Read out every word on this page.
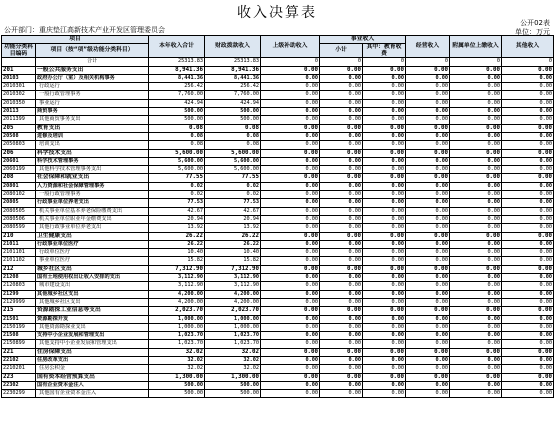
收入决算表
公开02表
单位：万元
公开部门：重庆垫江高新技术产业开发区管理委员会
项目		本年收入合计	财政拨款收入	上级补助收入	事业收入		经营收入	附属单位上缴收入	其他收入
功能分类科目编码	项目（按“项”级功能分类科目）				小计	其中：教育收费			

	合计	25313.83	25313.83	0	0	0	0	0	0
201	一般公共服务支出	8,941.36	8,941.36	0.00	0.00	0.00	0.00	0.00	0.00
20103	政府办公厅（室）及相关机构事务	8,441.36	8,441.36	0.00	0.00	0.00	0.00	0.00	0.00
2010301	行政运行	256.42	256.42	0.00	0.00	0.00	0.00	0.00	0.00
2010302	一般行政管理事务	7,760.00	7,760.00	0.00	0.00	0.00	0.00	0.00	0.00
2010350	事业运行	424.94	424.94	0.00	0.00	0.00	0.00	0.00	0.00
20113	商贸事务	500.00	500.00	0.00	0.00	0.00	0.00	0.00	0.00
2011399	其他商贸事务支出	500.00	500.00	0.00	0.00	0.00	0.00	0.00	0.00
205	教育支出	0.08	0.08	0.00	0.00	0.00	0.00	0.00	0.00
20508	进修及培训	0.08	0.08	0.00	0.00	0.00	0.00	0.00	0.00
2050803	培训支出	0.08	0.08	0.00	0.00	0.00	0.00	0.00	0.00
206	科学技术支出	5,600.00	5,600.00	0.00	0.00	0.00	0.00	0.00	0.00
20601	科学技术管理事务	5,600.00	5,600.00	0.00	0.00	0.00	0.00	0.00	0.00
2060199	其他科学技术管理事务支出	5,600.00	5,600.00	0.00	0.00	0.00	0.00	0.00	0.00
208	社会保障和就业支出	77.55	77.55	0.00	0.00	0.00	0.00	0.00	0.00
20801	人力资源和社会保障管理事务	0.02	0.02	0.00	0.00	0.00	0.00	0.00	0.00
2080102	一般行政管理事务	0.02	0.02	0.00	0.00	0.00	0.00	0.00	0.00
20805	行政事业单位养老支出	77.53	77.53	0.00	0.00	0.00	0.00	0.00	0.00
2080505	机关事业单位基本养老保险缴费支出	42.67	42.67	0.00	0.00	0.00	0.00	0.00	0.00
2080506	机关事业单位职业年金缴费支出	20.94	20.94	0.00	0.00	0.00	0.00	0.00	0.00
2080599	其他行政事业单位养老支出	13.92	13.92	0.00	0.00	0.00	0.00	0.00	0.00
210	卫生健康支出	26.22	26.22	0.00	0.00	0.00	0.00	0.00	0.00
21011	行政事业单位医疗	26.22	26.22	0.00	0.00	0.00	0.00	0.00	0.00
2101101	行政单位医疗	10.40	10.40	0.00	0.00	0.00	0.00	0.00	0.00
2101102	事业单位医疗	15.82	15.82	0.00	0.00	0.00	0.00	0.00	0.00
212	城乡社区支出	7,312.90	7,312.90	0.00	0.00	0.00	0.00	0.00	0.00
21208	国有土地使用权出让收入安排的支出	3,112.90	3,112.90	0.00	0.00	0.00	0.00	0.00	0.00
2120803	城市建设支出	3,112.90	3,112.90	0.00	0.00	0.00	0.00	0.00	0.00
21299	其他城乡社区支出	4,200.00	4,200.00	0.00	0.00	0.00	0.00	0.00	0.00
2129999	其他城乡社区支出	4,200.00	4,200.00	0.00	0.00	0.00	0.00	0.00	0.00
215	资源勘探工业信息等支出	2,023.70	2,023.70	0.00	0.00	0.00	0.00	0.00	0.00
21501	资源勘探开发	1,000.00	1,000.00	0.00	0.00	0.00	0.00	0.00	0.00
2150199	其他资源勘探业支出	1,000.00	1,000.00	0.00	0.00	0.00	0.00	0.00	0.00
21508	支持中小企业发展和管理支出	1,023.70	1,023.70	0.00	0.00	0.00	0.00	0.00	0.00
2150899	其他支持中小企业发展和管理支出	1,023.70	1,023.70	0.00	0.00	0.00	0.00	0.00	0.00
221	住房保障支出	32.02	32.02	0.00	0.00	0.00	0.00	0.00	0.00
22102	住房改革支出	32.02	32.02	0.00	0.00	0.00	0.00	0.00	0.00
2210201	住房公积金	32.02	32.02	0.00	0.00	0.00	0.00	0.00	0.00
223	国有资本经营预算支出	1,300.00	1,300.00	0.00	0.00	0.00	0.00	0.00	0.00
22302	国有企业资本金注入	500.00	500.00	0.00	0.00	0.00	0.00	0.00	0.00
2230299	其他国有企业资本金注入	500.00	500.00	0.00	0.00	0.00	0.00	0.00	0.00
